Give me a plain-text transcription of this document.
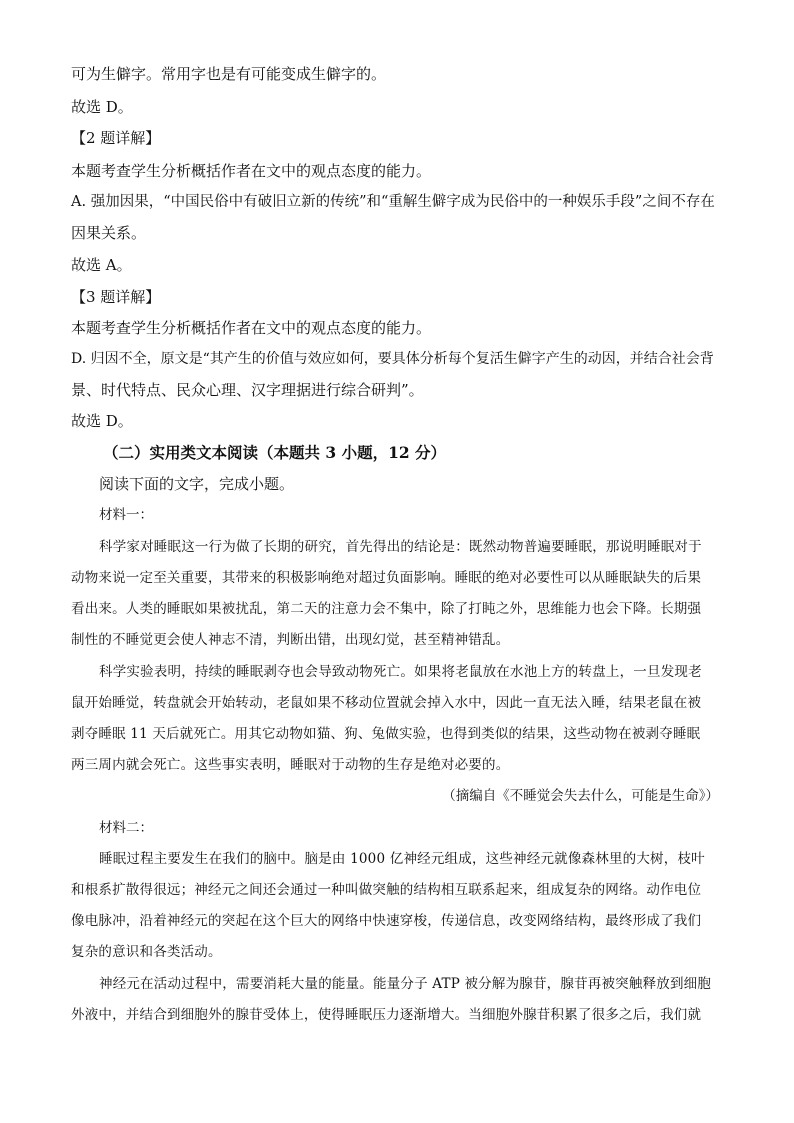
可为生僻字。常用字也是有可能变成生僻字的。
故选 D。
【2 题详解】
本题考查学生分析概括作者在文中的观点态度的能力。
A. 强加因果，“中国民俗中有破旧立新的传统”和“重解生僻字成为民俗中的一种娱乐手段”之间不存在
因果关系。
故选 A。
【3 题详解】
本题考查学生分析概括作者在文中的观点态度的能力。
D. 归因不全，原文是“其产生的价值与效应如何，要具体分析每个复活生僻字产生的动因，并结合社会背
景、时代特点、民众心理、汉字理据进行综合研判”。
故选 D。
（二）实用类文本阅读（本题共 3 小题，12 分）
阅读下面的文字，完成小题。
材料一：
科学家对睡眠这一行为做了长期的研究，首先得出的结论是：既然动物普遍要睡眠，那说明睡眠对于
动物来说一定至关重要，其带来的积极影响绝对超过负面影响。睡眠的绝对必要性可以从睡眠缺失的后果
看出来。人类的睡眠如果被扰乱，第二天的注意力会不集中，除了打盹之外，思维能力也会下降。长期强
制性的不睡觉更会使人神志不清，判断出错，出现幻觉，甚至精神错乱。
科学实验表明，持续的睡眠剥夺也会导致动物死亡。如果将老鼠放在水池上方的转盘上，一旦发现老
鼠开始睡觉，转盘就会开始转动，老鼠如果不移动位置就会掉入水中，因此一直无法入睡，结果老鼠在被
剥夺睡眠 11 天后就死亡。用其它动物如猫、狗、兔做实验，也得到类似的结果，这些动物在被剥夺睡眠
两三周内就会死亡。这些事实表明，睡眠对于动物的生存是绝对必要的。
（摘编自《不睡觉会失去什么，可能是生命》）
材料二：
睡眠过程主要发生在我们的脑中。脑是由 1000 亿神经元组成，这些神经元就像森林里的大树，枝叶
和根系扩散得很远；神经元之间还会通过一种叫做突触的结构相互联系起来，组成复杂的网络。动作电位
像电脉冲，沿着神经元的突起在这个巨大的网络中快速穿梭，传递信息，改变网络结构，最终形成了我们
复杂的意识和各类活动。
神经元在活动过程中，需要消耗大量的能量。能量分子 ATP 被分解为腺苷，腺苷再被突触释放到细胞
外液中，并结合到细胞外的腺苷受体上，使得睡眠压力逐渐增大。当细胞外腺苷积累了很多之后，我们就
